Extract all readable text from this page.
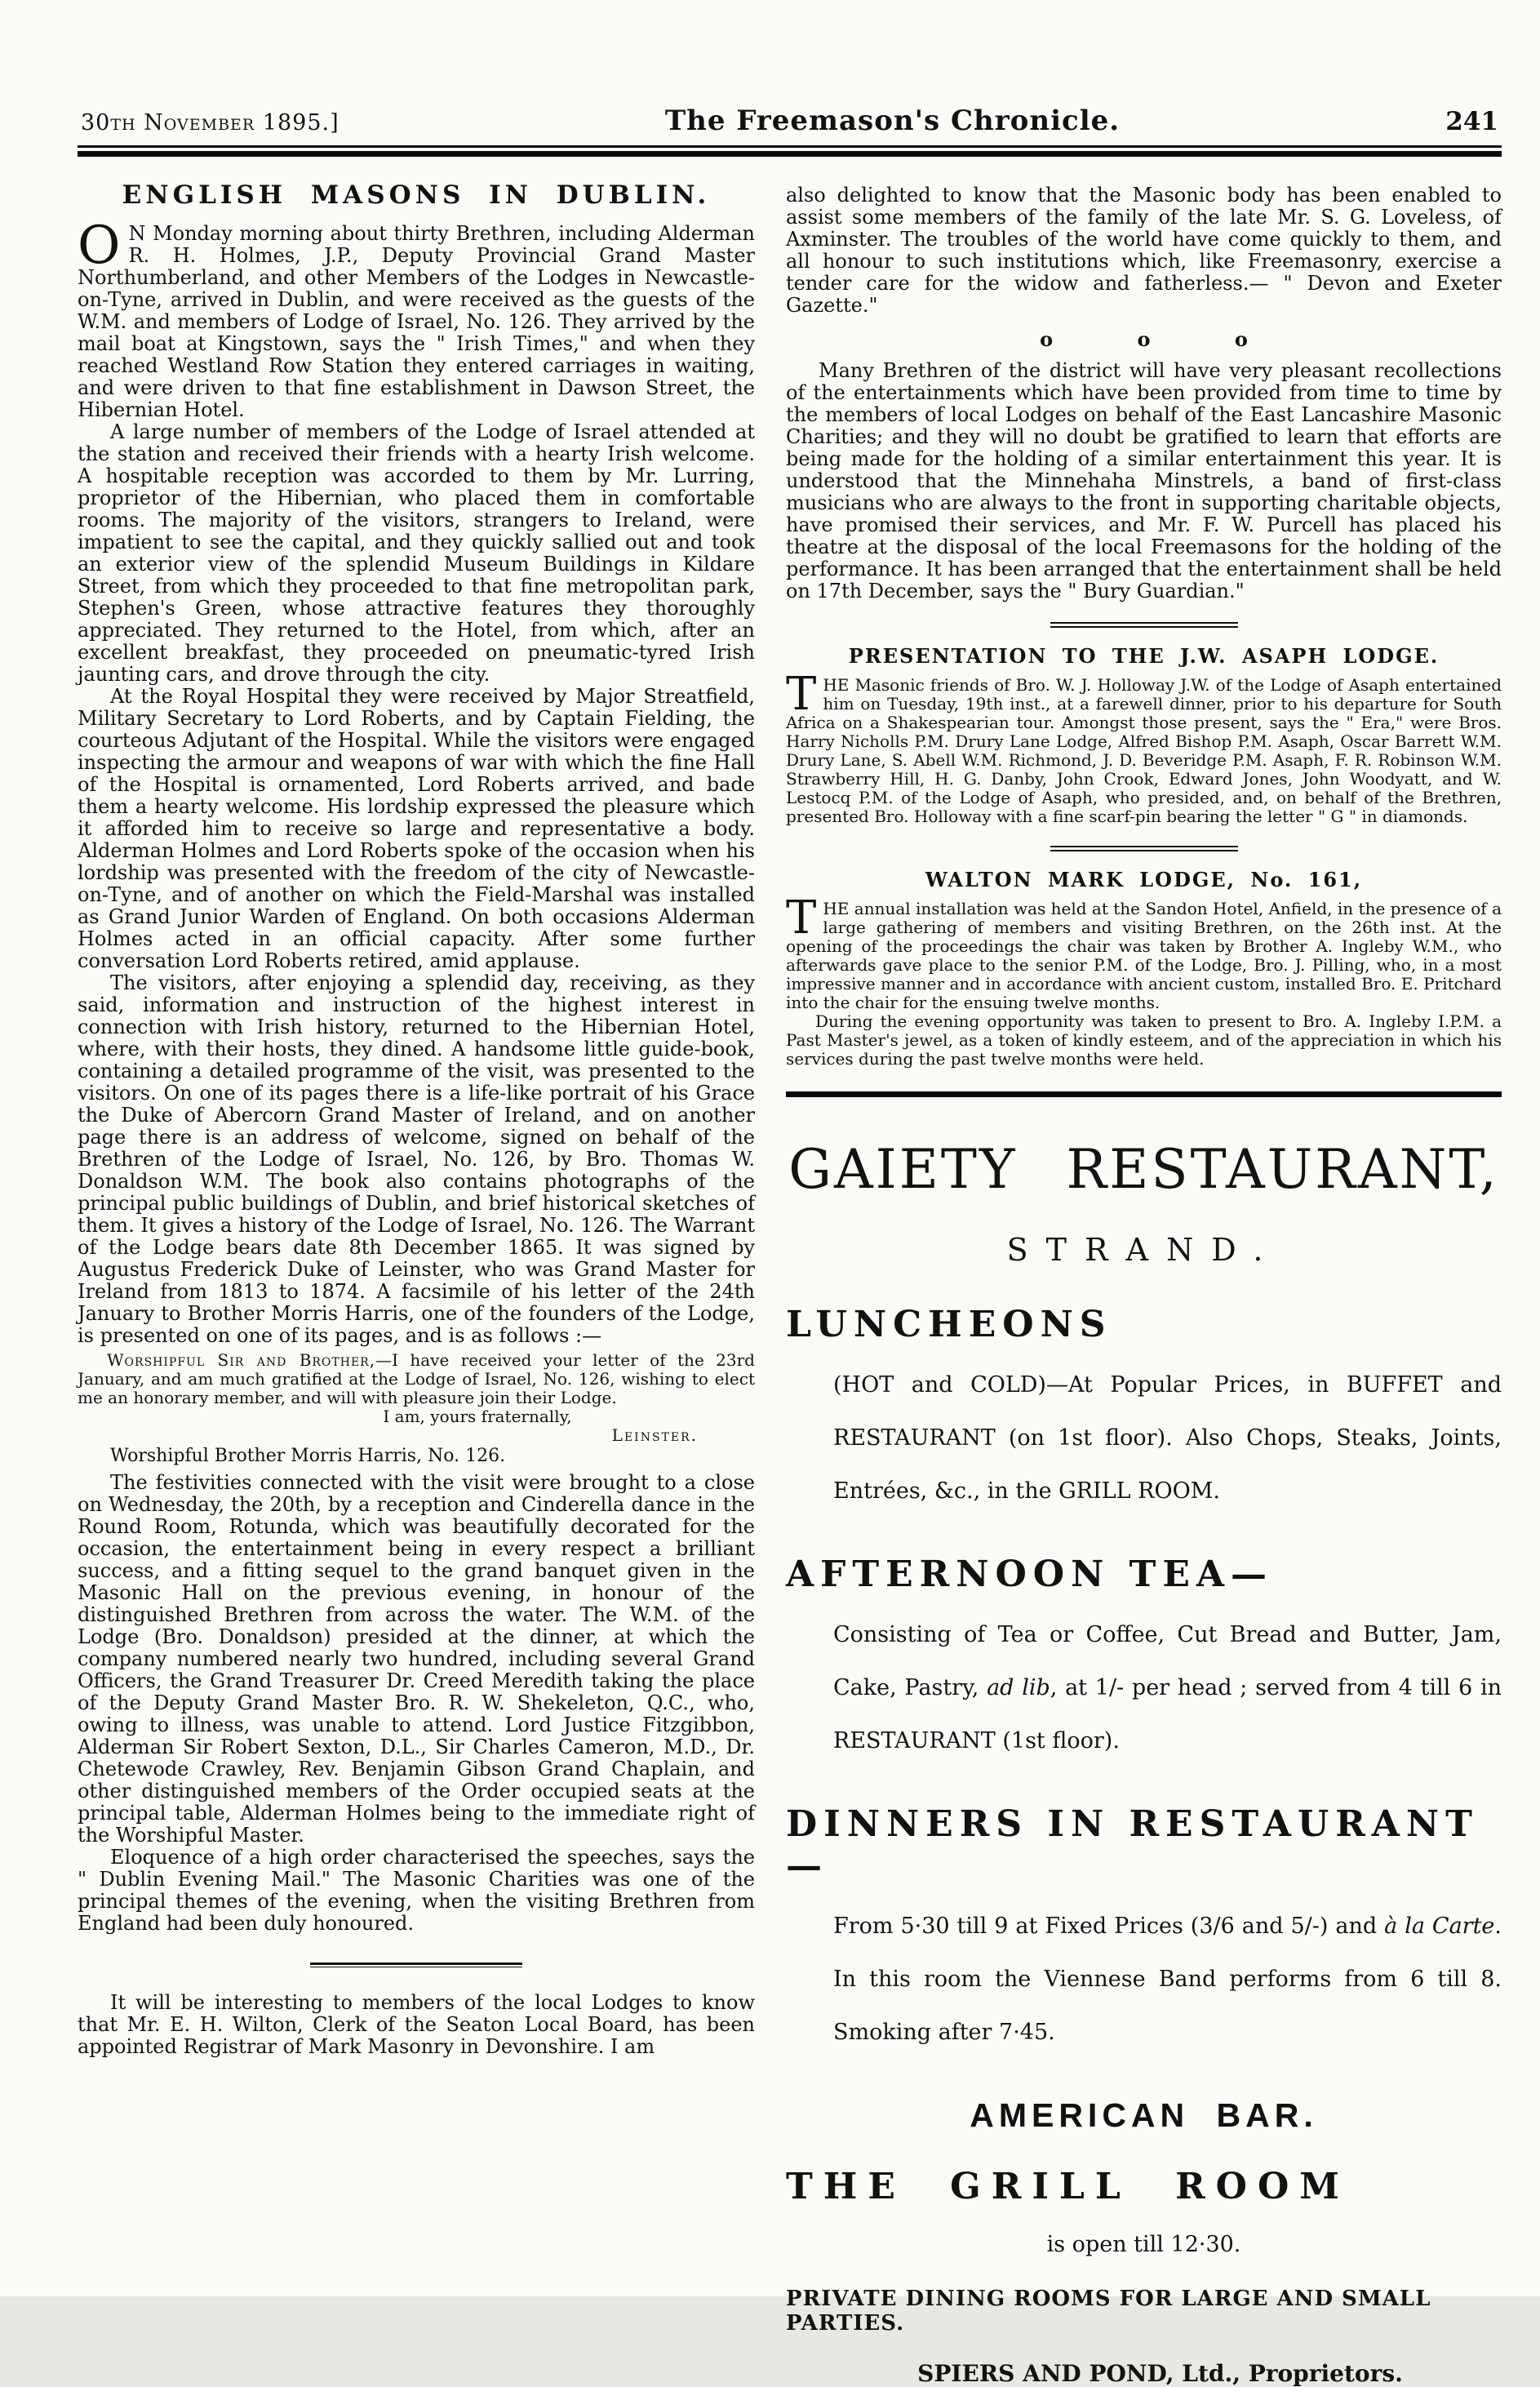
30th November 1895.]	The Freemason's Chronicle.	241
ENGLISH MASONS IN DUBLIN.

O N Monday morning about thirty Brethren, including Alderman R. H. Holmes, J.P., Deputy Provincial Grand Master Northumberland, and other Members of the Lodges in Newcastle-on-Tyne, arrived in Dublin, and were received as the guests of the W.M. and members of Lodge of Israel, No. 126. They arrived by the mail boat at Kingstown, says the " Irish Times," and when they reached Westland Row Station they entered carriages in waiting, and were driven to that fine establishment in Dawson Street, the Hibernian Hotel.

A large number of members of the Lodge of Israel attended at the station and received their friends with a hearty Irish welcome. A hospitable reception was accorded to them by Mr. Lurring, proprietor of the Hibernian, who placed them in comfortable rooms. The majority of the visitors, strangers to Ireland, were impatient to see the capital, and they quickly sallied out and took an exterior view of the splendid Museum Buildings in Kildare Street, from which they proceeded to that fine metropolitan park, Stephen's Green, whose attractive features they thoroughly appreciated. They returned to the Hotel, from which, after an excellent breakfast, they proceeded on pneumatic-tyred Irish jaunting cars, and drove through the city.

At the Royal Hospital they were received by Major Streatfield, Military Secretary to Lord Roberts, and by Captain Fielding, the courteous Adjutant of the Hospital. While the visitors were engaged inspecting the armour and weapons of war with which the fine Hall of the Hospital is ornamented, Lord Roberts arrived, and bade them a hearty welcome. His lordship expressed the pleasure which it afforded him to receive so large and representative a body. Alderman Holmes and Lord Roberts spoke of the occasion when his lordship was presented with the freedom of the city of Newcastle-on-Tyne, and of another on which the Field-Marshal was installed as Grand Junior Warden of England. On both occasions Alderman Holmes acted in an official capacity. After some further conversation Lord Roberts retired, amid applause.

The visitors, after enjoying a splendid day, receiving, as they said, information and instruction of the highest interest in connection with Irish history, returned to the Hibernian Hotel, where, with their hosts, they dined. A handsome little guide-book, containing a detailed programme of the visit, was presented to the visitors. On one of its pages there is a life-like portrait of his Grace the Duke of Abercorn Grand Master of Ireland, and on another page there is an address of welcome, signed on behalf of the Brethren of the Lodge of Israel, No. 126, by Bro. Thomas W. Donaldson W.M. The book also contains photographs of the principal public buildings of Dublin, and brief historical sketches of them. It gives a history of the Lodge of Israel, No. 126. The Warrant of the Lodge bears date 8th December 1865. It was signed by Augustus Frederick Duke of Leinster, who was Grand Master for Ireland from 1813 to 1874. A facsimile of his letter of the 24th January to Brother Morris Harris, one of the founders of the Lodge, is presented on one of its pages, and is as follows :—

Worshipful Sir and Brother,—I have received your letter of the 23rd January, and am much gratified at the Lodge of Israel, No. 126, wishing to elect me an honorary member, and will with pleasure join their Lodge.

I am, yours fraternally,

Leinster.

Worshipful Brother Morris Harris, No. 126.

The festivities connected with the visit were brought to a close on Wednesday, the 20th, by a reception and Cinderella dance in the Round Room, Rotunda, which was beautifully decorated for the occasion, the entertainment being in every respect a brilliant success, and a fitting sequel to the grand banquet given in the Masonic Hall on the previous evening, in honour of the distinguished Brethren from across the water. The W.M. of the Lodge (Bro. Donaldson) presided at the dinner, at which the company numbered nearly two hundred, including several Grand Officers, the Grand Treasurer Dr. Creed Meredith taking the place of the Deputy Grand Master Bro. R. W. Shekeleton, Q.C., who, owing to illness, was unable to attend. Lord Justice Fitzgibbon, Alderman Sir Robert Sexton, D.L., Sir Charles Cameron, M.D., Dr. Chetewode Crawley, Rev. Benjamin Gibson Grand Chaplain, and other distinguished members of the Order occupied seats at the principal table, Alderman Holmes being to the immediate right of the Worshipful Master.

Eloquence of a high order characterised the speeches, says the " Dublin Evening Mail." The Masonic Charities was one of the principal themes of the evening, when the visiting Brethren from England had been duly honoured.

It will be interesting to members of the local Lodges to know that Mr. E. H. Wilton, Clerk of the Seaton Local Board, has been appointed Registrar of Mark Masonry in Devonshire. I am

also delighted to know that the Masonic body has been enabled to assist some members of the family of the late Mr. S. G. Loveless, of Axminster. The troubles of the world have come quickly to them, and all honour to such institutions which, like Freemasonry, exercise a tender care for the widow and fatherless.— " Devon and Exeter Gazette."

o o o

Many Brethren of the district will have very pleasant recollections of the entertainments which have been provided from time to time by the members of local Lodges on behalf of the East Lancashire Masonic Charities; and they will no doubt be gratified to learn that efforts are being made for the holding of a similar entertainment this year. It is understood that the Minnehaha Minstrels, a band of first-class musicians who are always to the front in supporting charitable objects, have promised their services, and Mr. F. W. Purcell has placed his theatre at the disposal of the local Freemasons for the holding of the performance. It has been arranged that the entertainment shall be held on 17th December, says the " Bury Guardian."

PRESENTATION TO THE J.W. ASAPH LODGE.

THE Masonic friends of Bro. W. J. Holloway J.W. of the Lodge of Asaph entertained him on Tuesday, 19th inst., at a farewell dinner, prior to his departure for South Africa on a Shakespearian tour. Amongst those present, says the " Era," were Bros. Harry Nicholls P.M. Drury Lane Lodge, Alfred Bishop P.M. Asaph, Oscar Barrett W.M. Drury Lane, S. Abell W.M. Richmond, J. D. Beveridge P.M. Asaph, F. R. Robinson W.M. Strawberry Hill, H. G. Danby, John Crook, Edward Jones, John Woodyatt, and W. Lestocq P.M. of the Lodge of Asaph, who presided, and, on behalf of the Brethren, presented Bro. Holloway with a fine scarf-pin bearing the letter " G " in diamonds.

WALTON MARK LODGE, No. 161,

THE annual installation was held at the Sandon Hotel, Anfield, in the presence of a large gathering of members and visiting Brethren, on the 26th inst. At the opening of the proceedings the chair was taken by Brother A. Ingleby W.M., who afterwards gave place to the senior P.M. of the Lodge, Bro. J. Pilling, who, in a most impressive manner and in accordance with ancient custom, installed Bro. E. Pritchard into the chair for the ensuing twelve months.

During the evening opportunity was taken to present to Bro. A. Ingleby I.P.M. a Past Master's jewel, as a token of kindly esteem, and of the appreciation in which his services during the past twelve months were held.

GAIETY RESTAURANT,
STRAND.
LUNCHEONS

(HOT and COLD)—At Popular Prices, in BUFFET and RESTAURANT (on 1st floor). Also Chops, Steaks, Joints, Entrées, &c., in the GRILL ROOM.

AFTERNOON TEA—

Consisting of Tea or Coffee, Cut Bread and Butter, Jam, Cake, Pastry, ad lib, at 1/- per head ; served from 4 till 6 in RESTAURANT (1st floor).

DINNERS IN RESTAURANT—

From 5·30 till 9 at Fixed Prices (3/6 and 5/-) and à la Carte. In this room the Viennese Band performs from 6 till 8. Smoking after 7·45.

AMERICAN BAR.
THE GRILL ROOM
is open till 12·30.
PRIVATE DINING ROOMS FOR LARGE AND SMALL PARTIES.
SPIERS AND POND, Ltd., Proprietors.
